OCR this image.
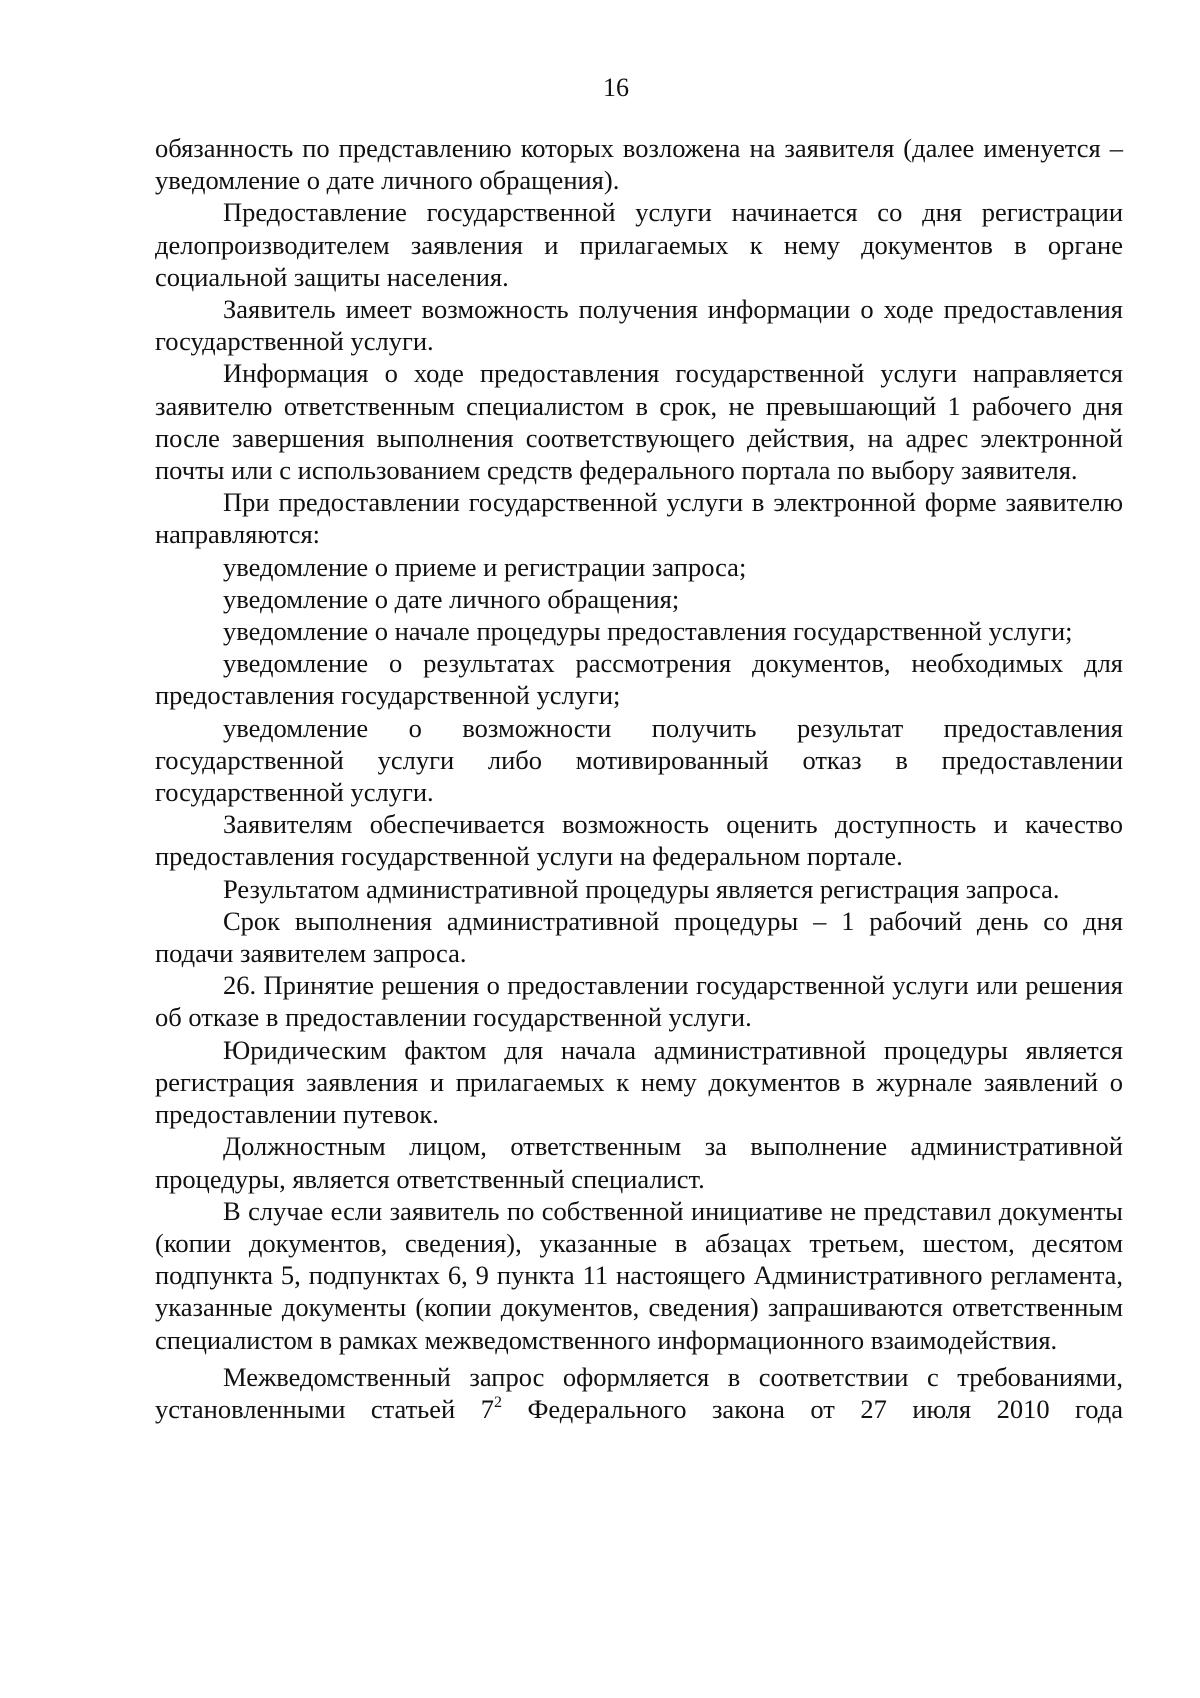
16

обязанность по представлению которых возложена на заявителя (далее именуется – уведомление о дате личного обращения).

Предоставление государственной услуги начинается со дня регистрации делопроизводителем заявления и прилагаемых к нему документов в органе социальной защиты населения.

Заявитель имеет возможность получения информации о ходе предоставления государственной услуги.

Информация о ходе предоставления государственной услуги направляется заявителю ответственным специалистом в срок, не превышающий 1 рабочего дня после завершения выполнения соответствующего действия, на адрес электронной почты или с использованием средств федерального портала по выбору заявителя.

При предоставлении государственной услуги в электронной форме заявителю направляются:

уведомление о приеме и регистрации запроса;

уведомление о дате личного обращения;

уведомление о начале процедуры предоставления государственной услуги;

уведомление о результатах рассмотрения документов, необходимых для предоставления государственной услуги;

уведомление о возможности получить результат предоставления государственной услуги либо мотивированный отказ в предоставлении государственной услуги.

Заявителям обеспечивается возможность оценить доступность и качество предоставления государственной услуги на федеральном портале.

Результатом административной процедуры является регистрация запроса.

Срок выполнения административной процедуры – 1 рабочий день со дня подачи заявителем запроса.

26. Принятие решения о предоставлении государственной услуги или решения об отказе в предоставлении государственной услуги.

Юридическим фактом для начала административной процедуры является регистрация заявления и прилагаемых к нему документов в журнале заявлений о предоставлении путевок.

Должностным лицом, ответственным за выполнение административной процедуры, является ответственный специалист.

В случае если заявитель по собственной инициативе не представил документы (копии документов, сведения), указанные в абзацах третьем, шестом, десятом подпункта 5, подпунктах 6, 9 пункта 11 настоящего Административного регламента, указанные документы (копии документов, сведения) запрашиваются ответственным специалистом в рамках межведомственного информационного взаимодействия.

Межведомственный запрос оформляется в соответствии с требованиями, установленными статьей $7^2$ Федерального закона от 27 июля 2010 года
